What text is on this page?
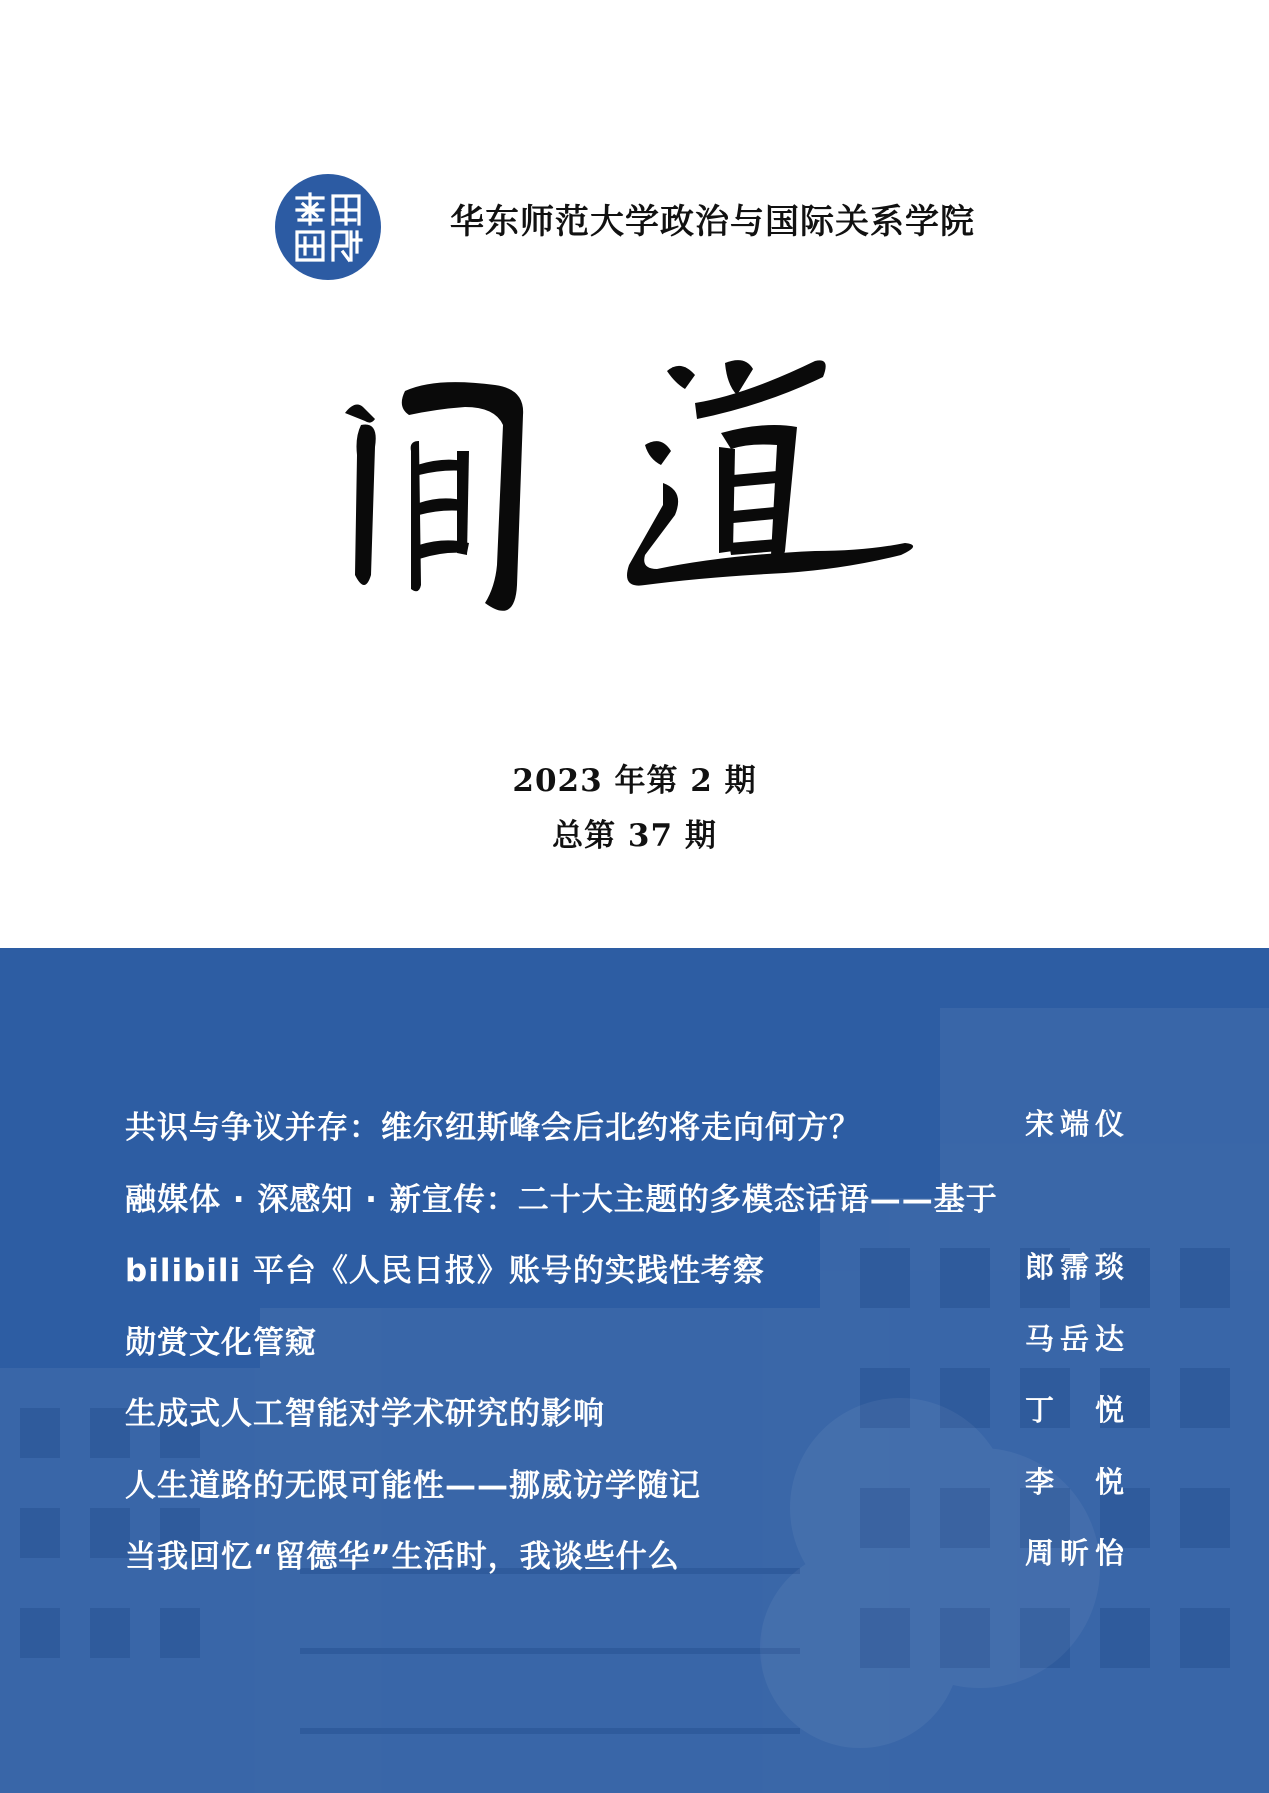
华东师范大学政治与国际关系学院
2023 年第 2 期
总第 37 期
共识与争议并存：维尔纽斯峰会后北约将走向何方？	宋端仪
融媒体 · 深感知 · 新宣传：二十大主题的多模态话语——基于
bilibili 平台《人民日报》账号的实践性考察	郎霈琰
勋赏文化管窥	马岳达
生成式人工智能对学术研究的影响	丁　悦
人生道路的无限可能性——挪威访学随记	李　悦
当我回忆“留德华”生活时，我谈些什么	周昕怡
